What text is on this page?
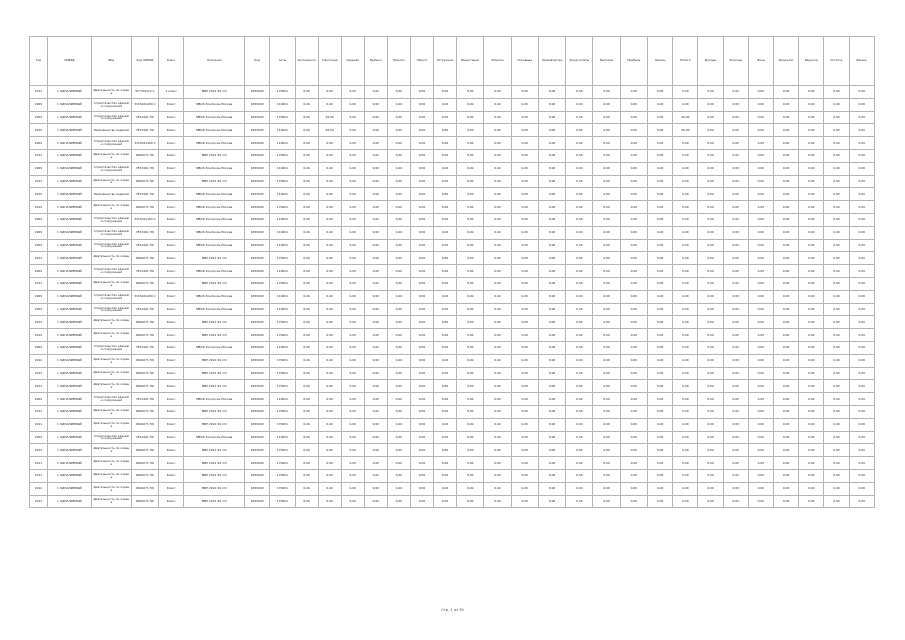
Год	ОКВЭД	Вид	Код ОКВЭД	Класс	Описание	Код	Акты	Численность	Списочная	Средняя	Выбыло	Принято	Оборот	Отгружено	Инвестиции	Затраты	Основные	Производство	Фонд оплаты	Выплаты	Прибыль	Запасы	Налоги	Доходы	Расходы	Фонд	Результат	Выручка	Остаток	Баланс
2012	1 ОДНАЛИВНЫЙ	Деятельность по охране	977700472 С	1 класс	МВР 2012 Ф1 ОЧ	0455000	170001	0,00	0,00	0,00	0,00	0,00	0,00	0,00	0,00	0,00	0,00	0,00	0,00	0,00	0,00	0,00	0,00	0,00	0,00	0,00	0,00	0,00	0,00	0,00
2009	1 ОДНАЛИВНЫЙ	Строительство зданий и сооружений	3315021400 С	Класс	МВОК Контроль Москва	0455000	110001	0,00	0,00	0,00	0,00	0,00	0,00	0,00	0,00	0,00	0,00	0,00	0,00	0,00	0,00	0,00	0,00	0,00	0,00	0,00	0,00	0,00	0,00	0,00
2009	1 ОДНАЛИВНЫЙ	Строительство зданий и сооружений	7872401 ПО	Класс	МВОК Контроль Москва	0455000	170001	0,00	46,00	0,00	0,00	0,00	0,00	0,00	0,00	0,00	0,00	0,00	0,00	0,00	0,00	0,00	46,00	0,00	0,00	0,00	0,00	0,00	0,00	0,00
2010	1 ОДНАЛИВНЫЙ	Производство изделий	7872401 ПО	Класс	МВОК Контроль Москва	0455000	110001	0,00	26,00	0,00	0,00	0,00	0,00	0,00	0,00	0,00	0,00	0,00	0,00	0,00	0,00	0,00	26,00	0,00	0,00	0,00	0,00	0,00	0,00	0,00
2009	1 ОДНАЛИВНЫЙ	Строительство зданий и сооружений	3315021400 С	Класс	МВОК Контроль Москва	0455000	110001	0,00	0,00	0,00	0,00	0,00	0,00	0,00	0,00	0,00	0,00	0,00	0,00	0,00	0,00	0,00	0,00	0,00	0,00	0,00	0,00	0,00	0,00	0,00
2012	1 ОДНАЛИВНЫЙ	Деятельность по охране	9600071 ПО	Класс	МВР 2012 Ф1 ОЧ	0455000	170001	0,00	0,00	0,00	0,00	0,00	0,00	0,00	0,00	0,00	0,00	0,00	0,00	0,00	0,00	0,00	0,00	0,00	0,00	0,00	0,00	0,00	0,00	0,00
2009	1 ОДНАЛИВНЫЙ	Строительство зданий и сооружений	7872401 ПО	Класс	МВОК Контроль Москва	0455000	110001	0,00	0,00	0,00	0,00	0,00	0,00	0,00	0,00	0,00	0,00	0,00	0,00	0,00	0,00	0,00	0,00	0,00	0,00	0,00	0,00	0,00	0,00	0,00
2011	1 ОДНАЛИВНЫЙ	Деятельность по охране	9600071 ПО	Класс	МВР 2012 Ф1 ОЧ	0455000	170001	0,00	0,00	0,00	0,00	0,00	0,00	0,00	0,00	0,00	0,00	0,00	0,00	0,00	0,00	0,00	0,00	0,00	0,00	0,00	0,00	0,00	0,00	0,00
2010	1 ОДНАЛИВНЫЙ	Производство изделий	7872401 ПО	Класс	МВОК Контроль Москва	0455000	110001	0,00	0,00	0,00	0,00	0,00	0,00	0,00	0,00	0,00	0,00	0,00	0,00	0,00	0,00	0,00	0,00	0,00	0,00	0,00	0,00	0,00	0,00	0,00
2012	1 ОДНАЛИВНЫЙ	Деятельность по охране	9600071 ПО	Класс	МВОК Контроль Москва	0455000	170001	0,00	0,00	0,00	0,00	0,00	0,00	0,00	0,00	0,00	0,00	0,00	0,00	0,00	0,00	0,00	0,00	0,00	0,00	0,00	0,00	0,00	0,00	0,00
2009	1 ОДНАЛИВНЫЙ	Строительство зданий и сооружений	3315021400 С	Класс	МВОК Контроль Москва	0455000	110001	0,00	0,00	0,00	0,00	0,00	0,00	0,00	0,00	0,00	0,00	0,00	0,00	0,00	0,00	0,00	0,00	0,00	0,00	0,00	0,00	0,00	0,00	0,00
2009	1 ОДНАЛИВНЫЙ	Строительство зданий и сооружений	7872401 ПО	Класс	МВОК Контроль Москва	0455000	110001	0,00	0,00	0,00	0,00	0,00	0,00	0,00	0,00	0,00	0,00	0,00	0,00	0,00	0,00	0,00	0,00	0,00	0,00	0,00	0,00	0,00	0,00	0,00
2009	1 ОДНАЛИВНЫЙ	Строительство зданий и сооружений	7872401 ПО	Класс	МВОК Контроль Москва	0455000	110001	0,00	0,00	0,00	0,00	0,00	0,00	0,00	0,00	0,00	0,00	0,00	0,00	0,00	0,00	0,00	0,00	0,00	0,00	0,00	0,00	0,00	0,00	0,00
2011	1 ОДНАЛИВНЫЙ	Деятельность по охране	9600071 ПО	Класс	МВР 2012 Ф1 ОЧ	0455000	170001	0,00	0,00	0,00	0,00	0,00	0,00	0,00	0,00	0,00	0,00	0,00	0,00	0,00	0,00	0,00	0,00	0,00	0,00	0,00	0,00	0,00	0,00	0,00
2009	1 ОДНАЛИВНЫЙ	Строительство зданий и сооружений	7872401 ПО	Класс	МВОК Контроль Москва	0455000	110001	0,00	0,00	0,00	0,00	0,00	0,00	0,00	0,00	0,00	0,00	0,00	0,00	0,00	0,00	0,00	0,00	0,00	0,00	0,00	0,00	0,00	0,00	0,00
2011	1 ОДНАЛИВНЫЙ	Деятельность по охране	9600071 ПО	Класс	МВР 2012 Ф1 ОЧ	0455000	170001	0,00	0,00	0,00	0,00	0,00	0,00	0,00	0,00	0,00	0,00	0,00	0,00	0,00	0,00	0,00	0,00	0,00	0,00	0,00	0,00	0,00	0,00	0,00
2009	1 ОДНАЛИВНЫЙ	Строительство зданий и сооружений	3315021400 С	Класс	МВОК Контроль Москва	0455000	110001	0,00	0,00	0,00	0,00	0,00	0,00	0,00	0,00	0,00	0,00	0,00	0,00	0,00	0,00	0,00	0,00	0,00	0,00	0,00	0,00	0,00	0,00	0,00
2009	1 ОДНАЛИВНЫЙ	Строительство зданий и сооружений	7872401 ПО	Класс	МВОК Контроль Москва	0455000	110001	0,00	0,00	0,00	0,00	0,00	0,00	0,00	0,00	0,00	0,00	0,00	0,00	0,00	0,00	0,00	0,00	0,00	0,00	0,00	0,00	0,00	0,00	0,00
2012	1 ОДНАЛИВНЫЙ	Деятельность по охране	9600071 ПО	Класс	МВР 2012 Ф1 ОЧ	0455000	170001	0,00	0,00	0,00	0,00	0,00	0,00	0,00	0,00	0,00	0,00	0,00	0,00	0,00	0,00	0,00	0,00	0,00	0,00	0,00	0,00	0,00	0,00	0,00
2012	1 ОДНАЛИВНЫЙ	Деятельность по охране	9600071 ПО	Класс	МВР 2012 Ф1 ОЧ	0455000	170001	0,00	0,00	0,00	0,00	0,00	0,00	0,00	0,00	0,00	0,00	0,00	0,00	0,00	0,00	0,00	0,00	0,00	0,00	0,00	0,00	0,00	0,00	0,00
2009	1 ОДНАЛИВНЫЙ	Строительство зданий и сооружений	7872401 ПО	Класс	МВОК Контроль Москва	0455000	110001	0,00	0,00	0,00	0,00	0,00	0,00	0,00	0,00	0,00	0,00	0,00	0,00	0,00	0,00	0,00	0,00	0,00	0,00	0,00	0,00	0,00	0,00	0,00
2012	1 ОДНАЛИВНЫЙ	Деятельность по охране	9600071 ПО	Класс	МВР 2012 Ф1 ОЧ	0455000	170001	0,00	0,00	0,00	0,00	0,00	0,00	0,00	0,00	0,00	0,00	0,00	0,00	0,00	0,00	0,00	0,00	0,00	0,00	0,00	0,00	0,00	0,00	0,00
2012	1 ОДНАЛИВНЫЙ	Деятельность по охране	9600071 ПО	Класс	МВР 2012 Ф1 ОЧ	0455000	170001	0,00	0,00	0,00	0,00	0,00	0,00	0,00	0,00	0,00	0,00	0,00	0,00	0,00	0,00	0,00	0,00	0,00	0,00	0,00	0,00	0,00	0,00	0,00
2011	1 ОДНАЛИВНЫЙ	Деятельность по охране	9600071 ПО	Класс	МВР 2012 Ф1 ОЧ	0455000	170001	0,00	0,00	0,00	0,00	0,00	0,00	0,00	0,00	0,00	0,00	0,00	0,00	0,00	0,00	0,00	0,00	0,00	0,00	0,00	0,00	0,00	0,00	0,00
2009	1 ОДНАЛИВНЫЙ	Строительство зданий и сооружений	7872401 ПО	Класс	МВОК Контроль Москва	0455000	110001	0,00	0,00	0,00	0,00	0,00	0,00	0,00	0,00	0,00	0,00	0,00	0,00	0,00	0,00	0,00	0,00	0,00	0,00	0,00	0,00	0,00	0,00	0,00
2012	1 ОДНАЛИВНЫЙ	Деятельность по охране	9600071 ПО	Класс	МВР 2012 Ф1 ОЧ	0455000	170001	0,00	0,00	0,00	0,00	0,00	0,00	0,00	0,00	0,00	0,00	0,00	0,00	0,00	0,00	0,00	0,00	0,00	0,00	0,00	0,00	0,00	0,00	0,00
2011	1 ОДНАЛИВНЫЙ	Деятельность по охране	9600071 ПО	Класс	МВР 2012 Ф1 ОЧ	0455000	170001	0,00	0,00	0,00	0,00	0,00	0,00	0,00	0,00	0,00	0,00	0,00	0,00	0,00	0,00	0,00	0,00	0,00	0,00	0,00	0,00	0,00	0,00	0,00
2009	1 ОДНАЛИВНЫЙ	Строительство зданий и сооружений	7872401 ПО	Класс	МВОК Контроль Москва	0455000	110001	0,00	0,00	0,00	0,00	0,00	0,00	0,00	0,00	0,00	0,00	0,00	0,00	0,00	0,00	0,00	0,00	0,00	0,00	0,00	0,00	0,00	0,00	0,00
2012	1 ОДНАЛИВНЫЙ	Деятельность по охране	9600071 ПО	Класс	МВР 2012 Ф1 ОЧ	0455000	170001	0,00	0,00	0,00	0,00	0,00	0,00	0,00	0,00	0,00	0,00	0,00	0,00	0,00	0,00	0,00	0,00	0,00	0,00	0,00	0,00	0,00	0,00	0,00
2011	1 ОДНАЛИВНЫЙ	Деятельность по охране	9600071 ПО	Класс	МВР 2012 Ф1 ОЧ	0455000	170001	0,00	0,00	0,00	0,00	0,00	0,00	0,00	0,00	0,00	0,00	0,00	0,00	0,00	0,00	0,00	0,00	0,00	0,00	0,00	0,00	0,00	0,00	0,00
2011	1 ОДНАЛИВНЫЙ	Деятельность по охране	9600071 ПО	Класс	МВР 2012 Ф1 ОЧ	0455000	170001	0,00	0,00	0,00	0,00	0,00	0,00	0,00	0,00	0,00	0,00	0,00	0,00	0,00	0,00	0,00	0,00	0,00	0,00	0,00	0,00	0,00	0,00	0,00
2012	1 ОДНАЛИВНЫЙ	Деятельность по охране	9600071 ПО	Класс	МВР 2012 Ф1 ОЧ	0455000	170001	0,00	0,00	0,00	0,00	0,00	0,00	0,00	0,00	0,00	0,00	0,00	0,00	0,00	0,00	0,00	0,00	0,00	0,00	0,00	0,00	0,00	0,00	0,00
2011	1 ОДНАЛИВНЫЙ	Деятельность по охране	9600071 ПО	Класс	МВР 2012 Ф1 ОЧ	0455000	170001	0,00	0,00	0,00	0,00	0,00	0,00	0,00	0,00	0,00	0,00	0,00	0,00	0,00	0,00	0,00	0,00	0,00	0,00	0,00	0,00	0,00	0,00	0,00
Стр. 1 из 30
